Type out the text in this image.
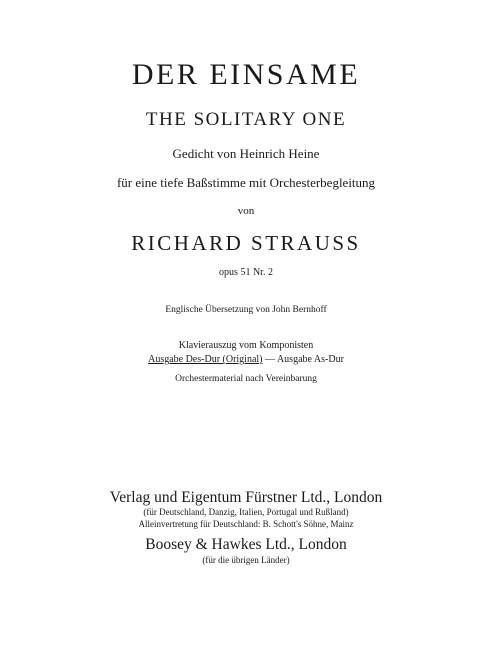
DER EINSAME
THE SOLITARY ONE
Gedicht von Heinrich Heine
für eine tiefe Baßstimme mit Orchesterbegleitung
von
RICHARD STRAUSS
opus 51 Nr. 2
Englische Übersetzung von John Bernhoff
Klavierauszug vom Komponisten
Ausgabe Des-Dur (Original) — Ausgabe As-Dur
Orchestermaterial nach Vereinbarung
Verlag und Eigentum Fürstner Ltd., London
(für Deutschland, Danzig, Italien, Portugal und Rußland)
Alleinvertretung für Deutschland: B. Schott's Söhne, Mainz
Boosey & Hawkes Ltd., London
(für die übrigen Länder)
